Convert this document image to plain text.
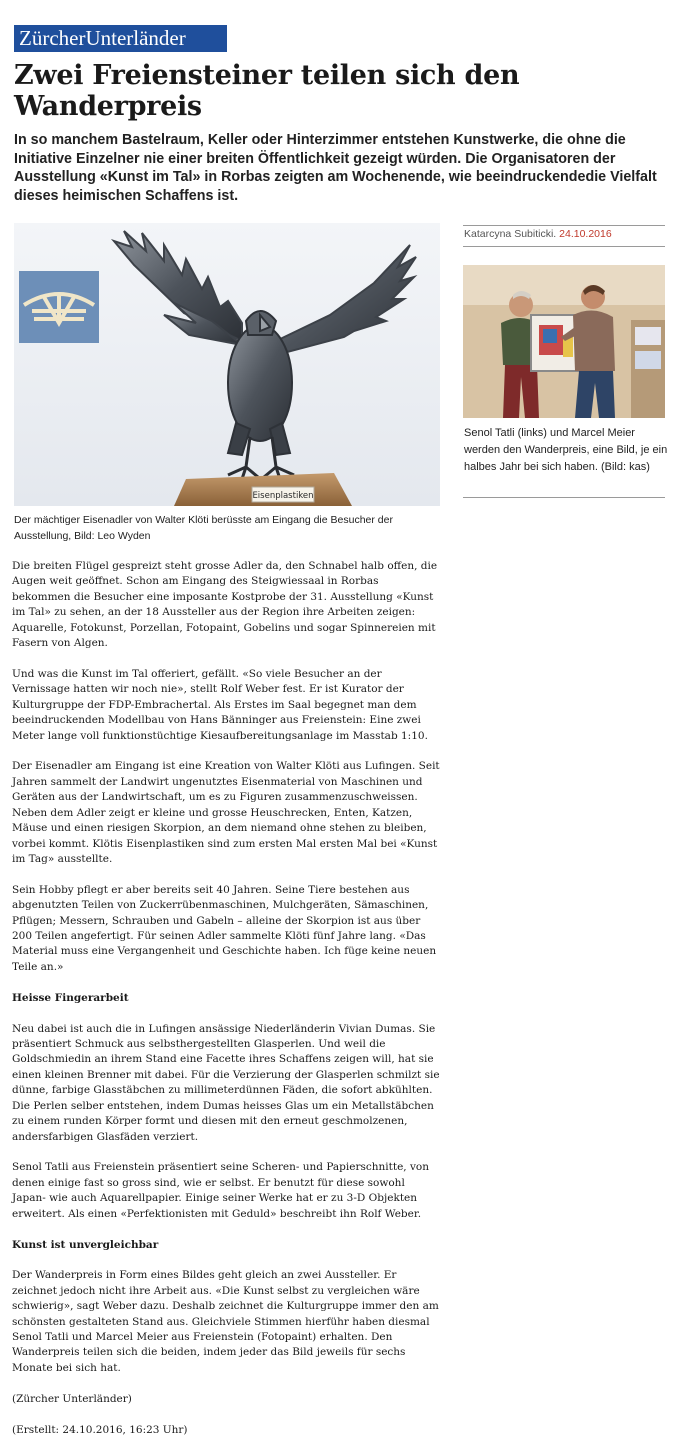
ZürcherUnterländer
Zwei Freiensteiner teilen sich den Wanderpreis

In so manchem Bastelraum, Keller oder Hinterzimmer entstehen Kunstwerke, die ohne die Initiative Einzelner nie einer breiten Öffentlichkeit gezeigt würden. Die Organisatoren der Ausstellung «Kunst im Tal» in Rorbas zeigten am Wochenende, wie beeindruckendedie Vielfalt dieses heimischen Schaffens ist.

Eisenplastiken

Der mächtiger Eisenadler von Walter Klöti berüsste am Eingang die Besucher der Ausstellung, Bild: Leo Wyden

Katarcyna Subiticki. 24.10.2016

Senol Tatli (links) und Marcel Meier werden den Wanderpreis, eine Bild, je ein halbes Jahr bei sich haben. (Bild: kas)

Die breiten Flügel gespreizt steht grosse Adler da, den Schnabel halb offen, die Augen weit geöffnet. Schon am Eingang des Steigwiessaal in Rorbas bekommen die Besucher eine imposante Kostprobe der 31. Ausstellung «Kunst im Tal» zu sehen, an der 18 Aussteller aus der Region ihre Arbeiten zeigen: Aquarelle, Fotokunst, Porzellan, Fotopaint, Gobelins und sogar Spinnereien mit Fasern von Algen.

Und was die Kunst im Tal offeriert, gefällt. «So viele Besucher an der Vernissage hatten wir noch nie», stellt Rolf Weber fest. Er ist Kurator der Kulturgruppe der FDP-Embrachertal. Als Erstes im Saal begegnet man dem beeindruckenden Modellbau von Hans Bänninger aus Freienstein: Eine zwei Meter lange voll funktionstüchtige Kiesaufbereitungsanlage im Masstab 1:10.

Der Eisenadler am Eingang ist eine Kreation von Walter Klöti aus Lufingen. Seit Jahren sammelt der Landwirt ungenutztes Eisenmaterial von Maschinen und Geräten aus der Landwirtschaft, um es zu Figuren zusammenzuschweissen. Neben dem Adler zeigt er kleine und grosse Heuschrecken, Enten, Katzen, Mäuse und einen riesigen Skorpion, an dem niemand ohne stehen zu bleiben, vorbei kommt. Klötis Eisenplastiken sind zum ersten Mal ersten Mal bei «Kunst im Tag» ausstellte.

Sein Hobby pflegt er aber bereits seit 40 Jahren. Seine Tiere bestehen aus abgenutzten Teilen von Zuckerrübenmaschinen, Mulchgeräten, Sämaschinen, Pflügen; Messern, Schrauben und Gabeln – alleine der Skorpion ist aus über 200 Teilen angefertigt. Für seinen Adler sammelte Klöti fünf Jahre lang. «Das Material muss eine Vergangenheit und Geschichte haben. Ich füge keine neuen Teile an.»

Heisse Fingerarbeit

Neu dabei ist auch die in Lufingen ansässige Niederländerin Vivian Dumas. Sie präsentiert Schmuck aus selbsthergestellten Glasperlen. Und weil die Goldschmiedin an ihrem Stand eine Facette ihres Schaffens zeigen will, hat sie einen kleinen Brenner mit dabei. Für die Verzierung der Glasperlen schmilzt sie dünne, farbige Glasstäbchen zu millimeterdünnen Fäden, die sofort abkühlten. Die Perlen selber entstehen, indem Dumas heisses Glas um ein Metallstäbchen zu einem runden Körper formt und diesen mit den erneut geschmolzenen, andersfarbigen Glasfäden verziert.

Senol Tatli aus Freienstein präsentiert seine Scheren- und Papierschnitte, von denen einige fast so gross sind, wie er selbst. Er benutzt für diese sowohl Japan- wie auch Aquarellpapier. Einige seiner Werke hat er zu 3-D Objekten erweitert. Als einen «Perfektionisten mit Geduld» beschreibt ihn Rolf Weber.

Kunst ist unvergleichbar

Der Wanderpreis in Form eines Bildes geht gleich an zwei Aussteller. Er zeichnet jedoch nicht ihre Arbeit aus. «Die Kunst selbst zu vergleichen wäre schwierig», sagt Weber dazu. Deshalb zeichnet die Kulturgruppe immer den am schönsten gestalteten Stand aus. Gleichviele Stimmen hierführ haben diesmal Senol Tatli und Marcel Meier aus Freienstein (Fotopaint) erhalten. Den Wanderpreis teilen sich die beiden, indem jeder das Bild jeweils für sechs Monate bei sich hat.

(Zürcher Unterländer)

(Erstellt: 24.10.2016, 16:23 Uhr)
